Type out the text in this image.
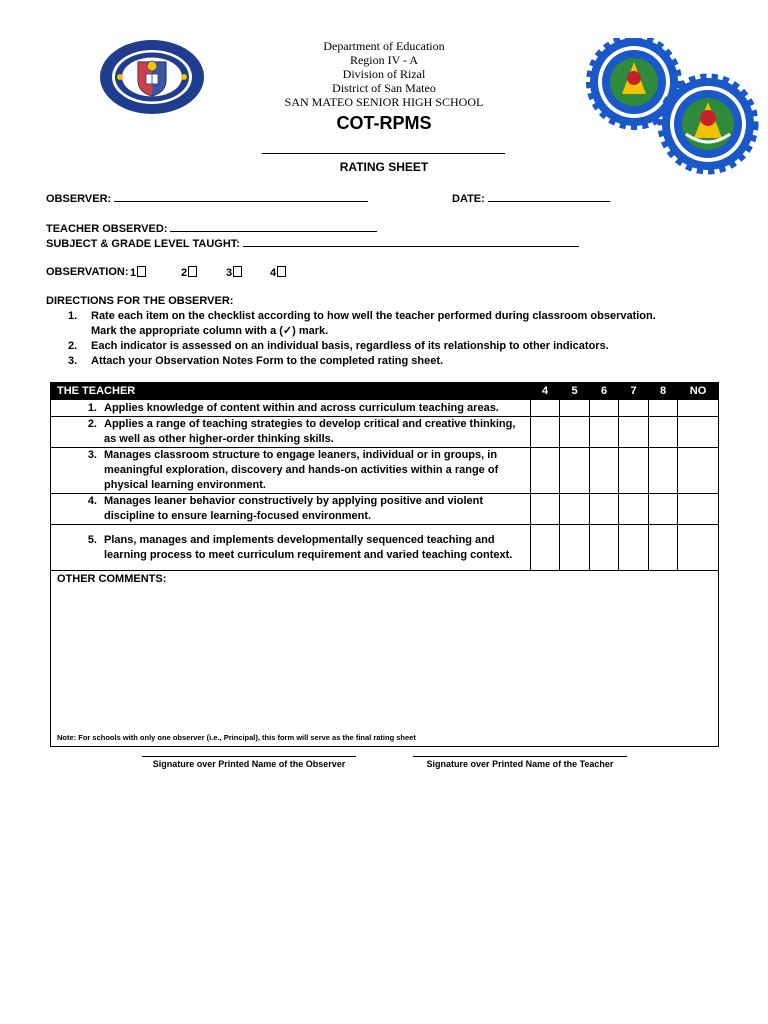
Department of Education
Region IV - A
Division of Rizal
District of San Mateo
SAN MATEO SENIOR HIGH SCHOOL
COT-RPMS
RATING SHEET
OBSERVER:	DATE:
TEACHER OBSERVED:
SUBJECT & GRADE LEVEL TAUGHT:
OBSERVATION: 1	2	3	4
DIRECTIONS FOR THE OBSERVER:
1. Rate each item on the checklist according to how well the teacher performed during classroom observation.
Mark the appropriate column with a (✓) mark.
2. Each indicator is assessed on an individual basis, regardless of its relationship to other indicators.
3. Attach your Observation Notes Form to the completed rating sheet.
THE TEACHER	4	5	6	7	8	NO

1. Applies knowledge of content within and across curriculum teaching areas.						

2. Applies a range of teaching strategies to develop critical and creative thinking, as well as other higher-order thinking skills.						

3. Manages classroom structure to engage leaners, individual or in groups, in meaningful exploration, discovery and hands-on activities within a range of physical learning environment.						

4. Manages leaner behavior constructively by applying positive and violent discipline to ensure learning-focused environment.						

5. Plans, manages and implements developmentally sequenced teaching and learning process to meet curriculum requirement and varied teaching context.						

OTHER COMMENTS:
Note: For schools with only one observer (i.e., Principal), this form will serve as the final rating sheet						
Signature over Printed Name of the Observer	Signature over Printed Name of the Teacher
